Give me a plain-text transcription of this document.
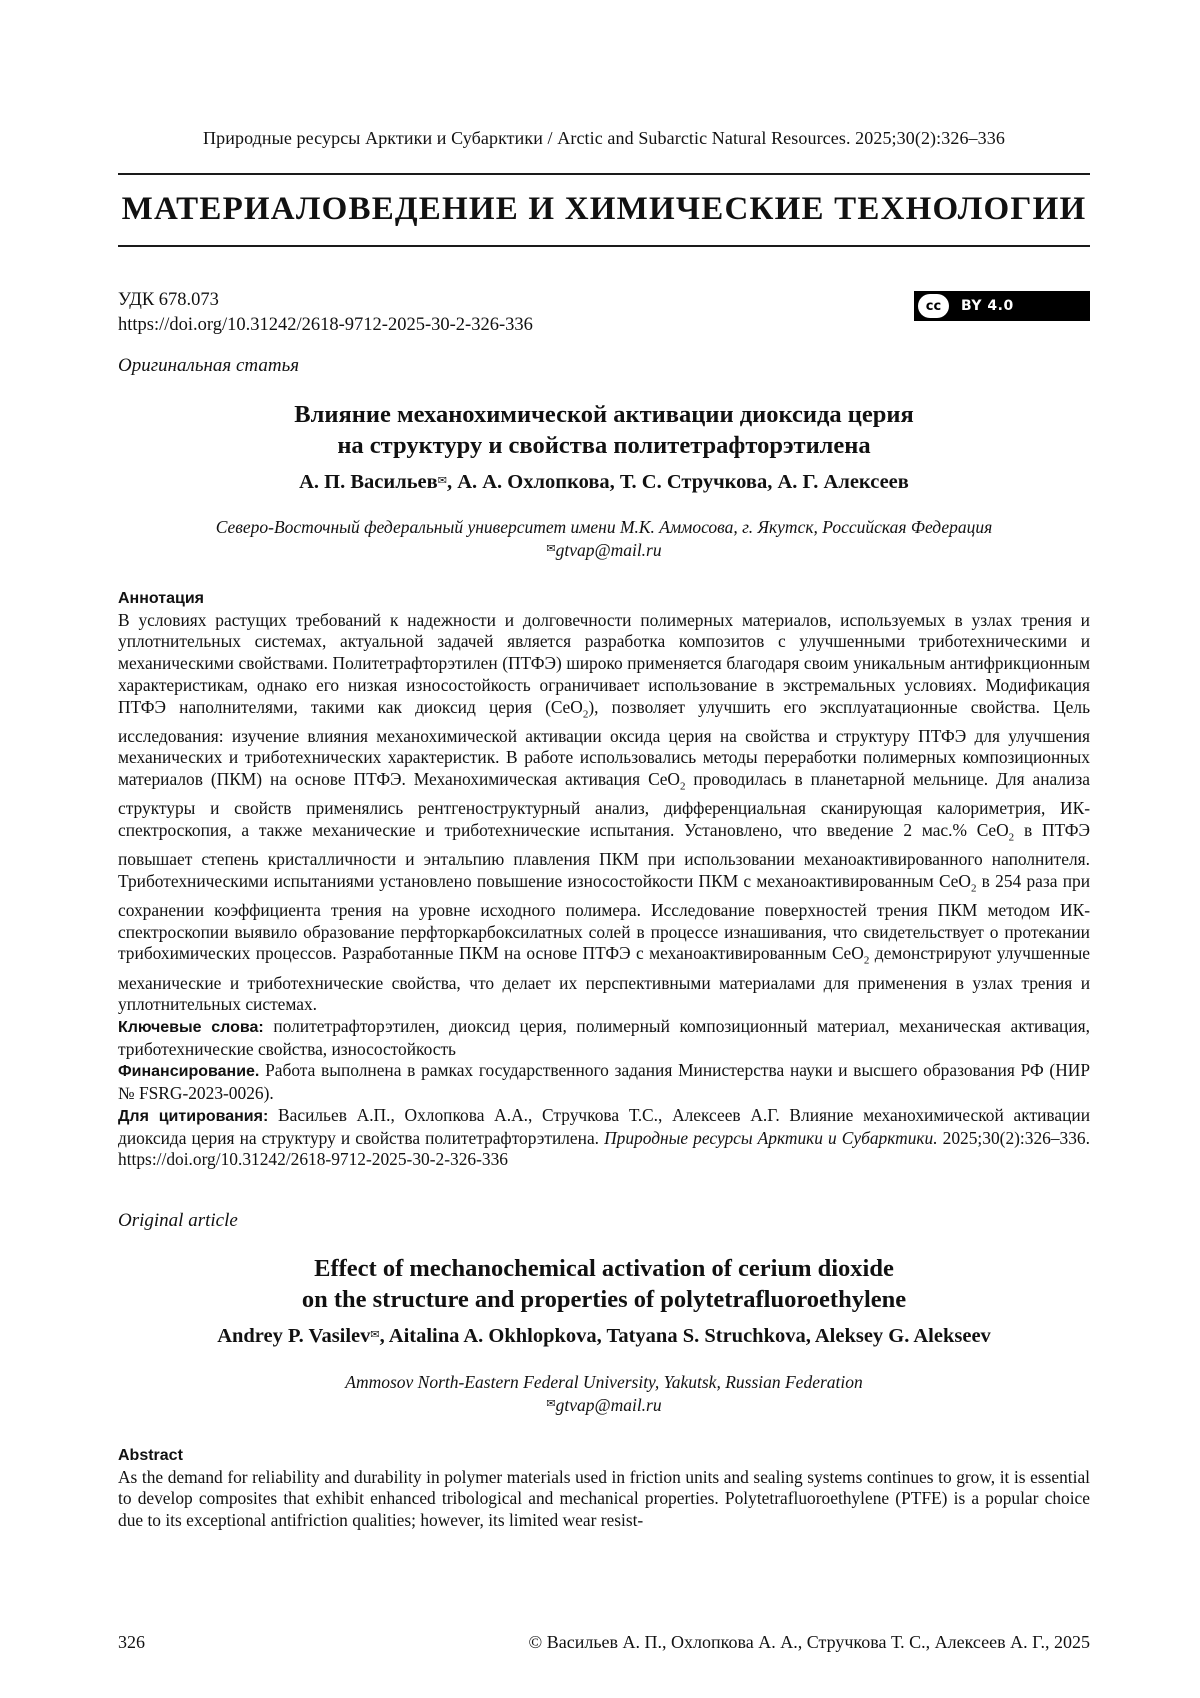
Природные ресурсы Арктики и Субарктики / Arctic and Subarctic Natural Resources. 2025;30(2):326–336
МАТЕРИАЛОВЕДЕНИЕ И ХИМИЧЕСКИЕ ТЕХНОЛОГИИ
УДК 678.073
https://doi.org/10.31242/2618-9712-2025-30-2-326-336
cc	BY 4.0
Оригинальная статья
Влияние механохимической активации диоксида церия
на структуру и свойства политетрафторэтилена
А. П. Васильев✉, А. А. Охлопкова, Т. С. Стручкова, А. Г. Алексеев
Северо-Восточный федеральный университет имени М.К. Аммосова, г. Якутск, Российская Федерация
✉gtvap@mail.ru

Аннотация

В условиях растущих требований к надежности и долговечности полимерных материалов, используемых в узлах трения и уплотнительных системах, актуальной задачей является разработка композитов с улучшенными триботехническими и механическими свойствами. Политетрафторэтилен (ПТФЭ) широко применяется благодаря своим уникальным антифрикционным характеристикам, однако его низкая износостойкость ограничивает использование в экстремальных условиях. Модификация ПТФЭ наполнителями, такими как диоксид церия (CeO$_2$), позволяет улучшить его эксплуатационные свойства. Цель исследования: изучение влияния механохимической активации оксида церия на свойства и структуру ПТФЭ для улучшения механических и триботехнических характеристик. В работе использовались методы переработки полимерных композиционных материалов (ПКМ) на основе ПТФЭ. Механохимическая активация CeO$_2$ проводилась в планетарной мельнице. Для анализа структуры и свойств применялись рентгеноструктурный анализ, дифференциальная сканирующая калориметрия, ИК-спектроскопия, а также механические и триботехнические испытания. Установлено, что введение 2 мас.% CeO$_2$ в ПТФЭ повышает степень кристалличности и энтальпию плавления ПКМ при использовании механоактивированного наполнителя. Триботехническими испытаниями установлено повышение износостойкости ПКМ с механоактивированным CeO$_2$ в 254 раза при сохранении коэффициента трения на уровне исходного полимера. Исследование поверхностей трения ПКМ методом ИК-спектроскопии выявило образование перфторкарбоксилатных солей в процессе изнашивания, что свидетельствует о протекании трибохимических процессов. Разработанные ПКМ на основе ПТФЭ с механоактивированным CeO$_2$ демонстрируют улучшенные механические и триботехнические свойства, что делает их перспективными материалами для применения в узлах трения и уплотнительных системах.

Ключевые слова: политетрафторэтилен, диоксид церия, полимерный композиционный материал, механическая активация, триботехнические свойства, износостойкость

Финансирование. Работа выполнена в рамках государственного задания Министерства науки и высшего образования РФ (НИР № FSRG-2023-0026).

Для цитирования: Васильев А.П., Охлопкова А.А., Стручкова Т.С., Алексеев А.Г. Влияние механохимической активации диоксида церия на структуру и свойства политетрафторэтилена. Природные ресурсы Арктики и Субарктики. 2025;30(2):326–336. https://doi.org/10.31242/2618-9712-2025-30-2-326-336

Original article
Effect of mechanochemical activation of cerium dioxide
on the structure and properties of polytetrafluoroethylene
Andrey P. Vasilev✉, Aitalina A. Okhlopkova, Tatyana S. Struchkova, Aleksey G. Alekseev
Ammosov North-Eastern Federal University, Yakutsk, Russian Federation
✉gtvap@mail.ru

Abstract

As the demand for reliability and durability in polymer materials used in friction units and sealing systems continues to grow, it is essential to develop composites that exhibit enhanced tribological and mechanical properties. Polytetrafluoroethylene (PTFE) is a popular choice due to its exceptional antifriction qualities; however, its limited wear resist-

326	© Васильев А. П., Охлопкова А. А., Стручкова Т. С., Алексеев А. Г., 2025
